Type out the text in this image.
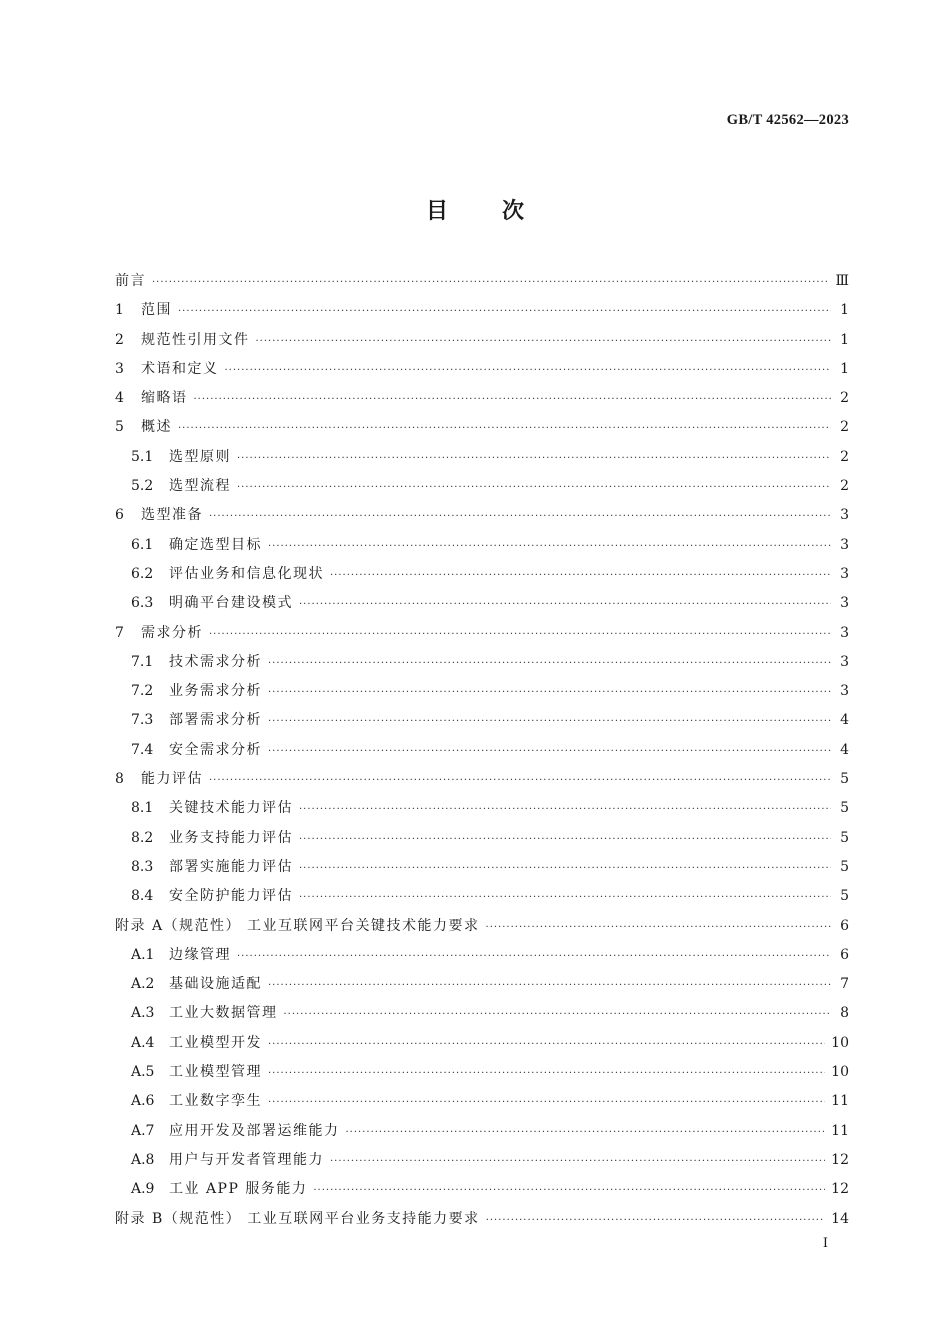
GB/T 42562—2023
目 次
前言 ·····	Ⅲ
1	范围 ·····	1
2	规范性引用文件 ·····	1
3	术语和定义 ·····	1
4	缩略语 ·····	2
5	概述 ·····	2
5.1	选型原则 ·····	2
5.2	选型流程 ·····	2
6	选型准备 ·····	3
6.1	确定选型目标 ·····	3
6.2	评估业务和信息化现状 ·····	3
6.3	明确平台建设模式 ·····	3
7	需求分析 ·····	3
7.1	技术需求分析 ·····	3
7.2	业务需求分析 ·····	3
7.3	部署需求分析 ·····	4
7.4	安全需求分析 ·····	4
8	能力评估 ·····	5
8.1	关键技术能力评估 ·····	5
8.2	业务支持能力评估 ·····	5
8.3	部署实施能力评估 ·····	5
8.4	安全防护能力评估 ·····	5
附录 A（规范性） 工业互联网平台关键技术能力要求 ·····	6
A.1	边缘管理 ·····	6
A.2	基础设施适配 ·····	7
A.3	工业大数据管理 ·····	8
A.4	工业模型开发 ·····	10
A.5	工业模型管理 ·····	10
A.6	工业数字孪生 ·····	11
A.7	应用开发及部署运维能力 ·····	11
A.8	用户与开发者管理能力 ·····	12
A.9	工业 APP 服务能力 ·····	12
附录 B（规范性） 工业互联网平台业务支持能力要求 ·····	14
Ⅰ
